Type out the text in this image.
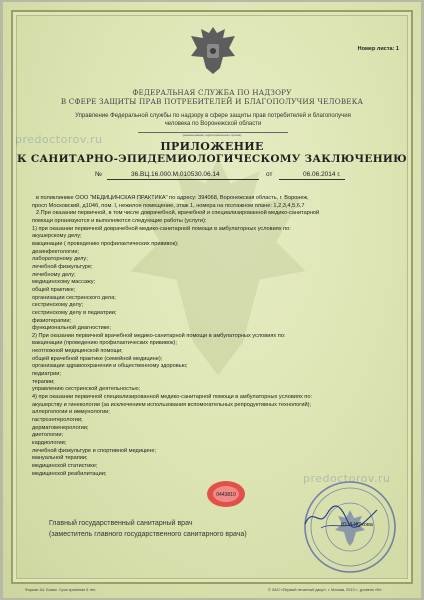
Номер листа: 1
ФЕДЕРАЛЬНАЯ СЛУЖБА ПО НАДЗОРУ
В СФЕРЕ ЗАЩИТЫ ПРАВ ПОТРЕБИТЕЛЕЙ И БЛАГОПОЛУЧИЯ ЧЕЛОВЕКА
Управление Федеральной службы по надзору в сфере защиты прав потребителей и благополучия
человека по Воронежской области
(наименование территориального органа)
predoctorov.ru
predoctorov.ru
ПРИЛОЖЕНИЕ
К САНИТАРНО-ЭПИДЕМИОЛОГИЧЕСКОМУ ЗАКЛЮЧЕНИЮ
№	36.ВЦ.16.000.М.010530.06.14	от	06.06.2014 г.
в поликлинике ООО "МЕДИЦИНСКАЯ ПРАКТИКА" по адресу: 394068, Воронежская область, г. Воронеж,
просп Московский, д104б, пом. I, нежилое помещение, этаж 1, номера на поэтажном плане: 1,2,3,4,5,6,7
2.При оказании первичной, в том числе доврачебной, врачебной и специализированной медико-санитарной
помощи организуются и выполняются следующие работы (услуги):
1) при оказании первичной доврачебной медико-санитарной помощи в амбулаторных условиях по:
акушерскому делу;
вакцинации ( проведению профилактических прививок);
дезинфектологии;
лабораторному делу;
лечебной физкультуре;
лечебному делу;
медицинскому массажу;
общей практике;
организации сестринского дела;
сестринскому делу;
сестринскому делу в педиатрии;
физиотерапии;
функциональной диагностике;
2) При оказании первичной врачебной медико-санитарной помощи в амбулаторных условиях по:
вакцинации (проведению профилактических прививок);
неотложной медицинской помощи;
общей врачебной практике (семейной медицине);
организации здравоохранения и общественному здоровью;
педиатрии;
терапии;
управлению сестринской деятельностью;
4) при оказании первичной специализированной медико-санитарной помощи в амбулаторных условиях по:
акушерству и гинекологии (за исключением использования вспомогательных репродуктивных технологий);
аллергологии и иммунологии;
гастроэнтерологии;
дерматовенерологии;
диетологии;
кардиологии;
лечебной физкультуре и спортивной медицине;
мануальной терапии;
медицинской статистике;
медицинской реабилитации;
0443810
Ю.И.Жукова
Главный государственный санитарный врач
(заместитель главного государственного санитарного врача)
Формат А4. Бланк. Срок хранения 5 лет.	© ЗАО «Первый печатный двор», г. Москва, 2013 г., уровень «В»
